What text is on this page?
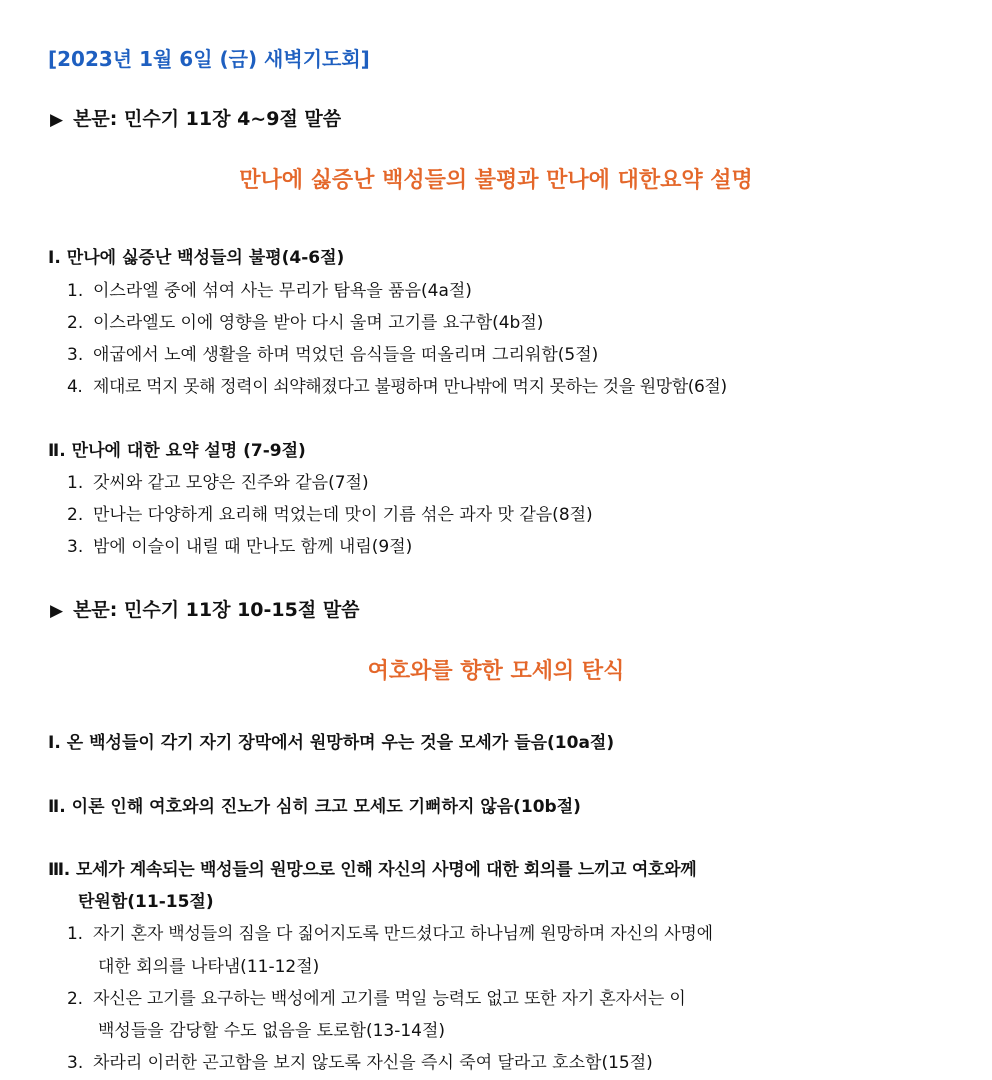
[2023년 1월 6일 (금) 새벽기도회]
▶ 본문: 민수기 11장 4~9절 말씀
만나에 싫증난 백성들의 불평과 만나에 대한요약 설명
Ⅰ. 만나에 싫증난 백성들의 불평(4-6절)
1. 이스라엘 중에 섞여 사는 무리가 탐욕을 품음(4a절)
2. 이스라엘도 이에 영향을 받아 다시 울며 고기를 요구함(4b절)
3. 애굽에서 노예 생활을 하며 먹었던 음식들을 떠올리며 그리워함(5절)
4. 제대로 먹지 못해 정력이 쇠약해졌다고 불평하며 만나밖에 먹지 못하는 것을 원망함(6절)
Ⅱ. 만나에 대한 요약 설명 (7-9절)
1. 갓씨와 같고 모양은 진주와 같음(7절)
2. 만나는 다양하게 요리해 먹었는데 맛이 기름 섞은 과자 맛 같음(8절)
3. 밤에 이슬이 내릴 때 만나도 함께 내림(9절)
▶ 본문: 민수기 11장 10-15절 말씀
여호와를 향한 모세의 탄식
Ⅰ. 온 백성들이 각기 자기 장막에서 원망하며 우는 것을 모세가 들음(10a절)
Ⅱ. 이론 인해 여호와의 진노가 심히 크고 모세도 기뻐하지 않음(10b절)
Ⅲ. 모세가 계속되는 백성들의 원망으로 인해 자신의 사명에 대한 회의를 느끼고 여호와께
탄원함(11-15절)
1. 자기 혼자 백성들의 짐을 다 짊어지도록 만드셨다고 하나님께 원망하며 자신의 사명에
대한 회의를 나타냄(11-12절)
2. 자신은 고기를 요구하는 백성에게 고기를 먹일 능력도 없고 또한 자기 혼자서는 이
백성들을 감당할 수도 없음을 토로함(13-14절)
3. 차라리 이러한 곤고함을 보지 않도록 자신을 즉시 죽여 달라고 호소함(15절)
